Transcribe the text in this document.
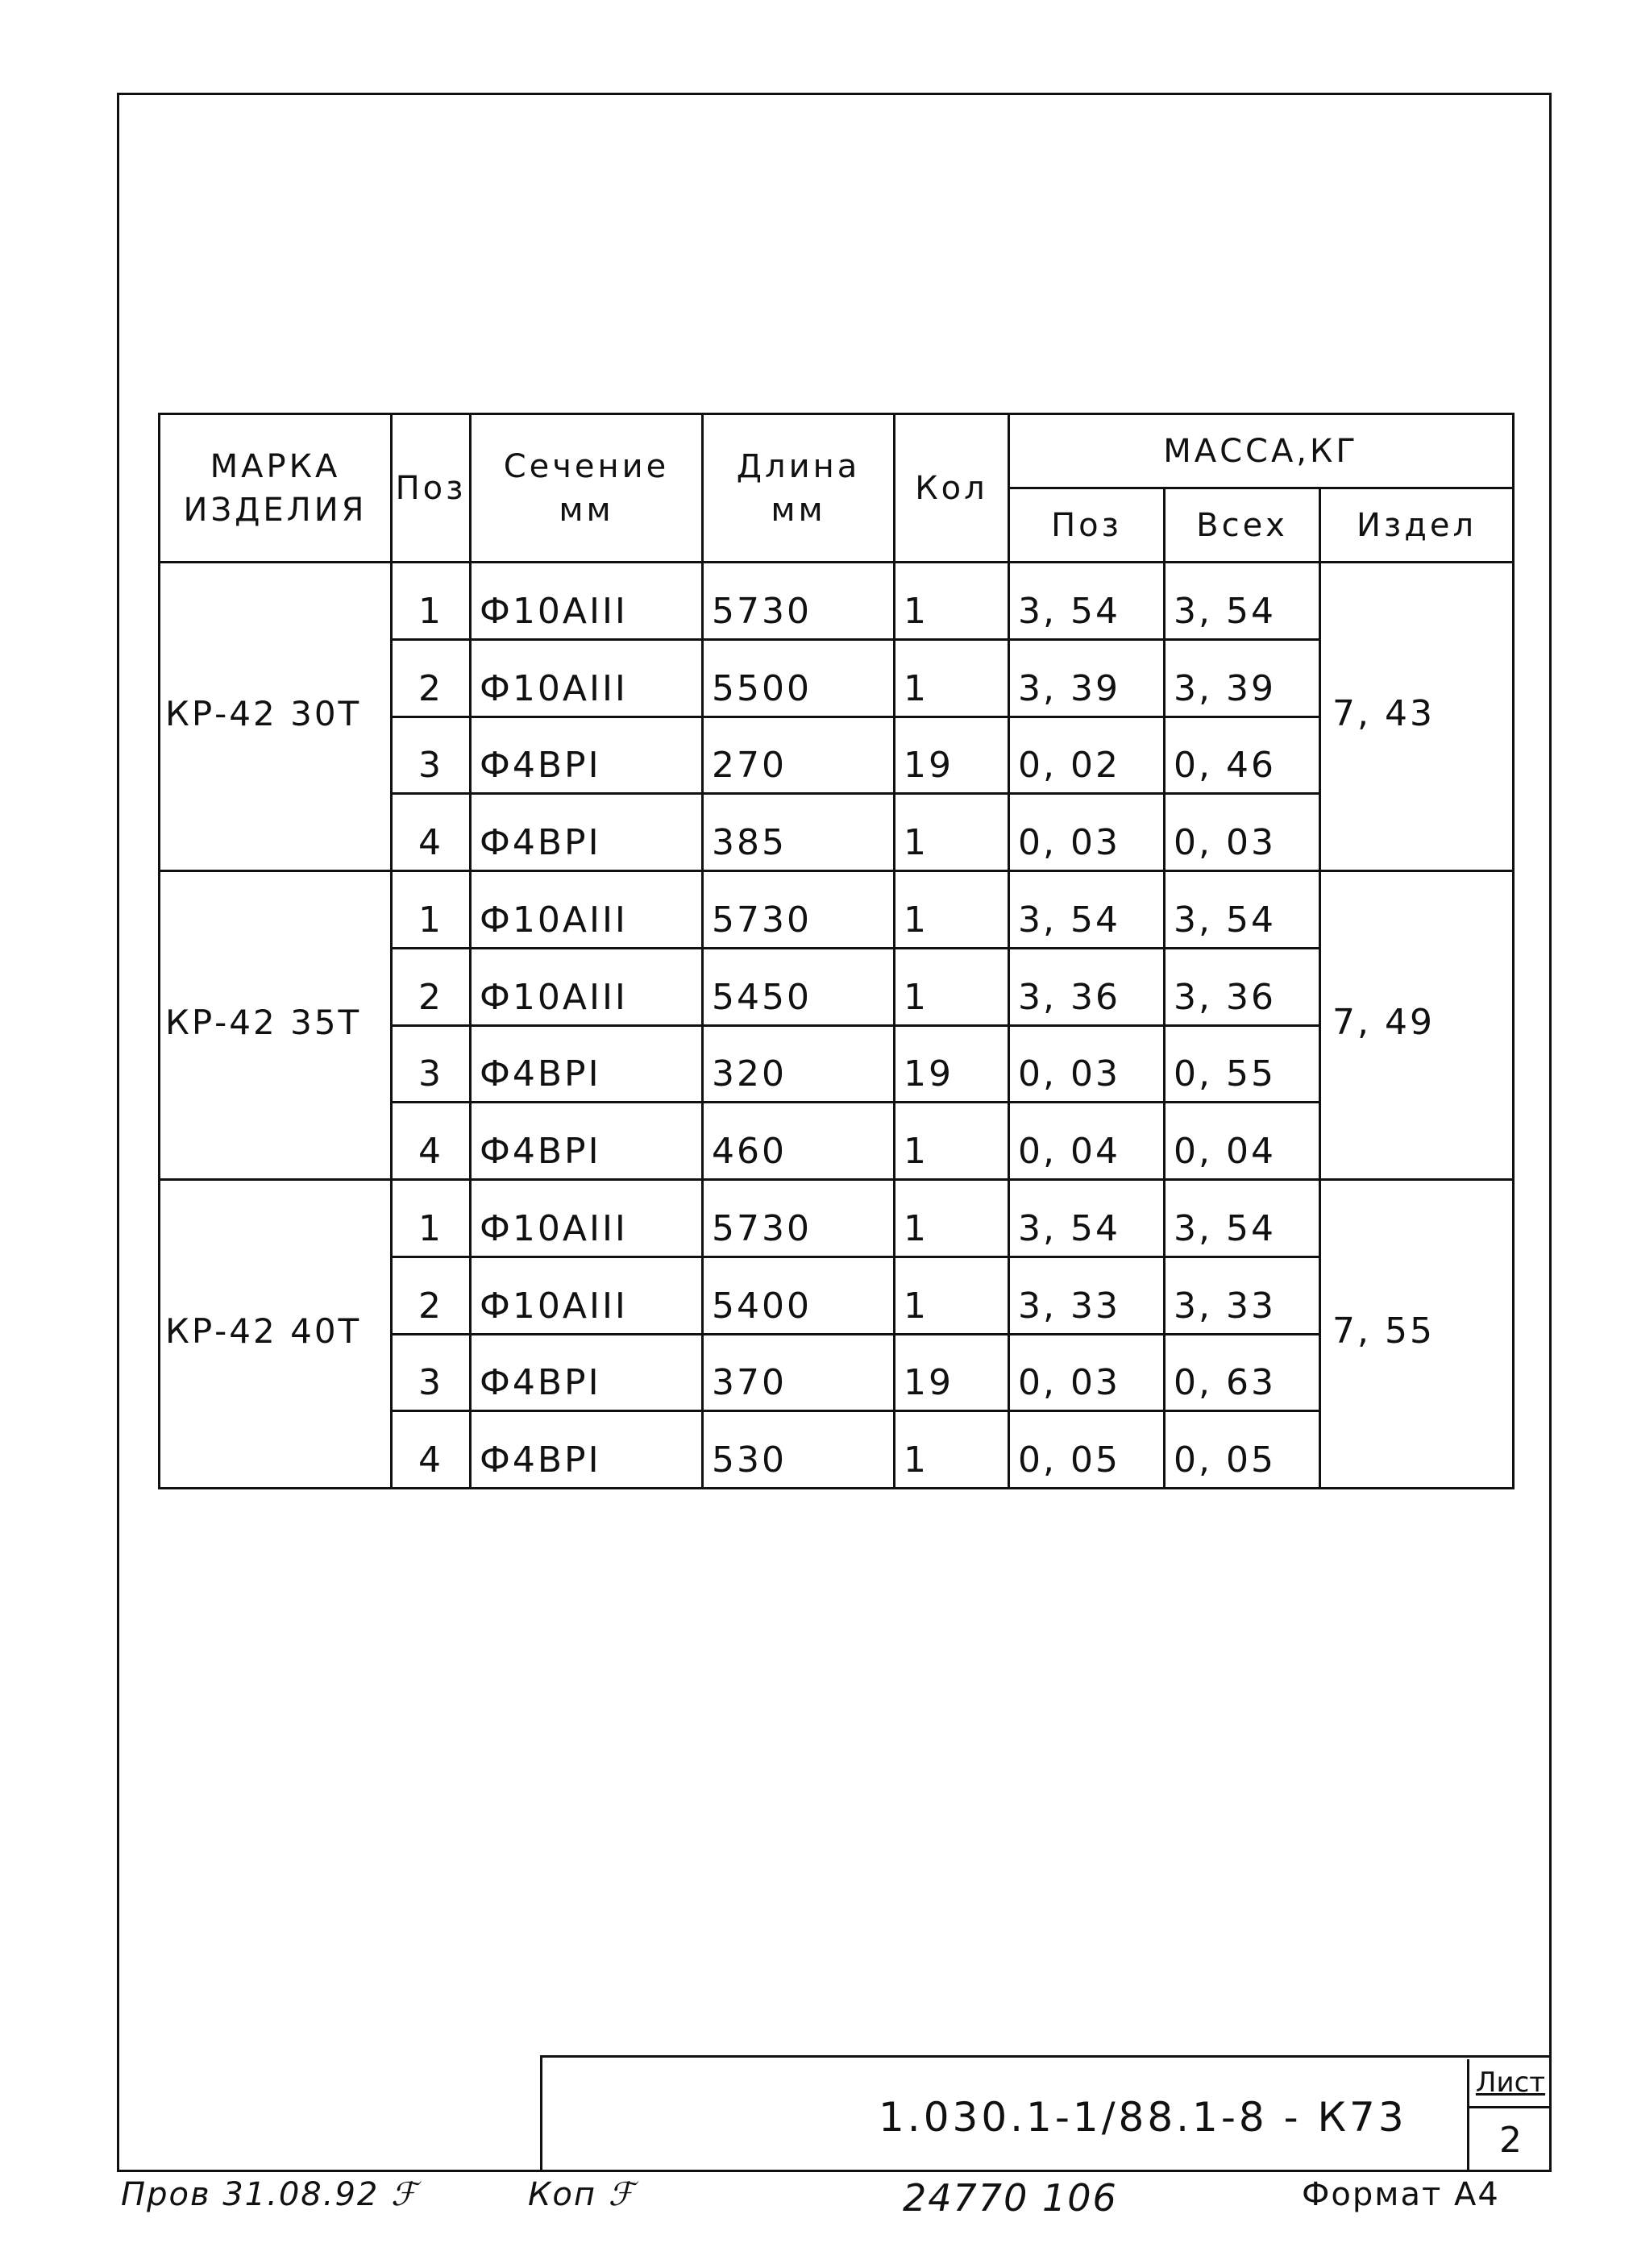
МАРКА ИЗДЕЛИЯ	Поз	Сечение мм	Длина мм	Кол	МАССА,КГ		
					Поз	Всех	Издел
КР-42 30Т	1	Ф10АIII	5730	1	3, 54	3, 54	7, 43
	2	Ф10АIII	5500	1	3, 39	3, 39	
	3	Ф4ВРI	270	19	0, 02	0, 46	
	4	Ф4ВРI	385	1	0, 03	0, 03	
КР-42 35Т	1	Ф10АIII	5730	1	3, 54	3, 54	7, 49
	2	Ф10АIII	5450	1	3, 36	3, 36	
	3	Ф4ВРI	320	19	0, 03	0, 55	
	4	Ф4ВРI	460	1	0, 04	0, 04	
КР-42 40Т	1	Ф10АIII	5730	1	3, 54	3, 54	7, 55
	2	Ф10АIII	5400	1	3, 33	3, 33	
	3	Ф4ВРI	370	19	0, 03	0, 63	
	4	Ф4ВРI	530	1	0, 05	0, 05	
1.030.1-1/88.1-8 - К73
Лист
2
Пров 31.08.92 ℱ	Коп ℱ	24770 106	Формат А4
